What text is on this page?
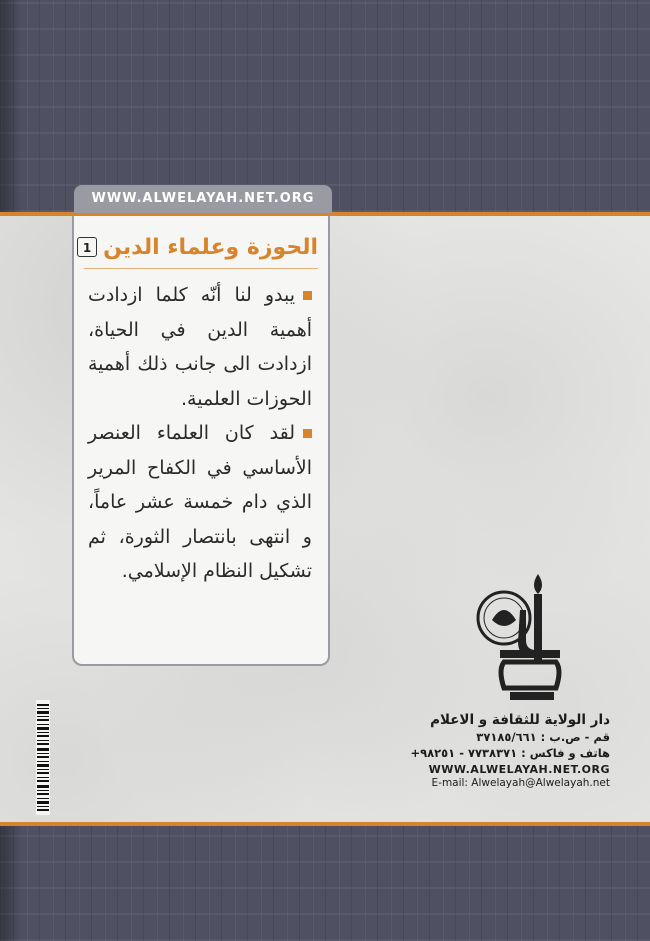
WWW.ALWELAYAH.NET.ORG
الحوزة وعلماء الدين
1

يبدو لنا أنّه كلما ازدادت أهمية الدين في الحياة، ازدادت الى جانب ذلك أهمية الحوزات العلمية.

لقد كان العلماء العنصر الأساسي في الكفاح المرير الذي دام خمسة عشر عاماً، و انتهى بانتصار الثورة، ثم تشكيل النظام الإسلامي.

دار الولاية للثقافة و الاعلام

قم - ص.ب : ٣٧١٨٥/٦٦١

هاتف و فاكس : ٧٧٣٨٣٧١ - ٩٨٢٥١+

WWW.ALWELAYAH.NET.ORG

E-mail: Alwelayah@Alwelayah.net
